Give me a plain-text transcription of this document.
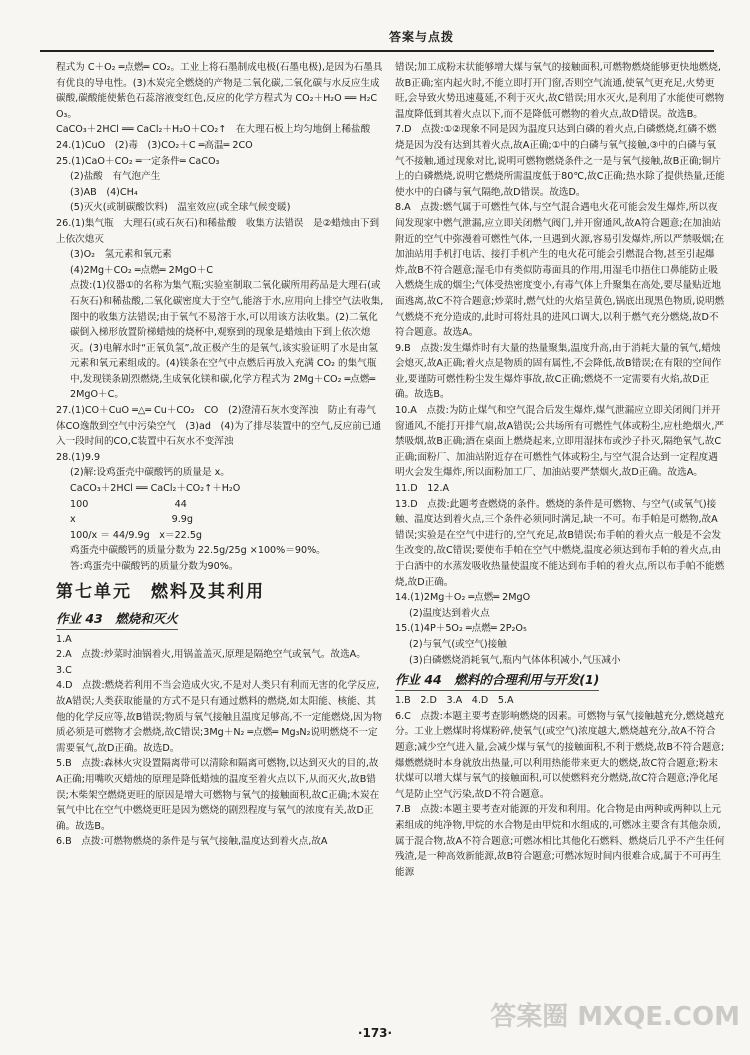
答案与点拨

程式为 C＋O₂ ═点燃═ CO₂。工业上将石墨制成电极(石墨电极),是因为石墨具有优良的导电性。(3)木炭完全燃烧的产物是二氧化碳,二氧化碳与水反应生成碳酸,碳酸能使紫色石蕊溶液变红色,反应的化学方程式为 CO₂＋H₂O ══ H₂CO₃。

CaCO₃＋2HCl ══ CaCl₂＋H₂O＋CO₂↑　在大理石板上均匀地倒上稀盐酸

24.(1)CuO　(2)毒　(3)CO₂＋C ═高温═ 2CO

25.(1)CaO＋CO₂ ═一定条件═ CaCO₃

(2)盐酸　有气泡产生

(3)AB　(4)CH₄

(5)灭火(或制碳酸饮料)　温室效应(或全球气候变暖)

26.(1)集气瓶　大理石(或石灰石)和稀盐酸　收集方法错误　是②蜡烛由下到上依次熄灭

(3)O₂　氢元素和氧元素

(4)2Mg＋CO₂ ═点燃═ 2MgO＋C

点拨:(1)仪器①的名称为集气瓶;实验室制取二氧化碳所用药品是大理石(或石灰石)和稀盐酸,二氧化碳密度大于空气,能溶于水,应用向上排空气法收集,图中的收集方法错误;由于氧气不易溶于水,可以用该方法收集。(2)二氧化碳倒入梯形放置阶梯蜡烛的烧杯中,观察到的现象是蜡烛由下到上依次熄灭。(3)电解水时“正氧负氢”,故正极产生的是氧气,该实验证明了水是由氢元素和氧元素组成的。(4)镁条在空气中点燃后再放入充满 CO₂ 的集气瓶中,发现镁条剧烈燃烧,生成氧化镁和碳,化学方程式为 2Mg＋CO₂ ═点燃═ 2MgO＋C。

27.(1)CO＋CuO ═△═ Cu＋CO₂　CO　(2)澄清石灰水变浑浊　防止有毒气体CO逸散到空气中污染空气　(3)ad　(4)为了排尽装置中的空气,反应前已通入一段时间的CO,C装置中石灰水不变浑浊

28.(1)9.9

(2)解:设鸡蛋壳中碳酸钙的质量是 x。

CaCO₃＋2HCl ══ CaCl₂＋CO₂↑＋H₂O

100　　　　　　　　　44

x　　　　　　　　　　9.9g

100/x ＝ 44/9.9g　x＝22.5g

鸡蛋壳中碳酸钙的质量分数为 22.5g/25g ×100%＝90%。

答:鸡蛋壳中碳酸钙的质量分数为90%。

第七单元　燃料及其利用
作业 43　燃烧和灭火

1.A

2.A　点拨:炒菜时油锅着火,用锅盖盖灭,原理是隔绝空气或氧气。故选A。

3.C

4.D　点拨:燃烧若利用不当会造成火灾,不是对人类只有利而无害的化学反应,故A错误;人类获取能量的方式不是只有通过燃料的燃烧,如太阳能、核能、其他的化学反应等,故B错误;物质与氧气接触且温度足够高,不一定能燃烧,因为物质必须是可燃物才会燃烧,故C错误;3Mg＋N₂ ═点燃═ Mg₃N₂说明燃烧不一定需要氧气,故D正确。故选D。

5.B　点拨:森林火灾设置隔离带可以清除和隔离可燃物,以达到灭火的目的,故A正确;用嘴吹灭蜡烛的原理是降低蜡烛的温度至着火点以下,从而灭火,故B错误;木柴架空燃烧更旺的原因是增大可燃物与氧气的接触面积,故C正确;木炭在氧气中比在空气中燃烧更旺是因为燃烧的剧烈程度与氧气的浓度有关,故D正确。故选B。

6.B　点拨:可燃物燃烧的条件是与氧气接触,温度达到着火点,故A

错误;加工成粉末状能够增大煤与氧气的接触面积,可燃物燃烧能够更快地燃烧,故B正确;室内起火时,不能立即打开门窗,否则空气流通,使氧气更充足,火势更旺,会导致火势迅速蔓延,不利于灭火,故C错误;用水灭火,是利用了水能使可燃物温度降低到其着火点以下,而不是降低可燃物的着火点,故D错误。故选B。

7.D　点拨:①②现象不同是因为温度只达到白磷的着火点,白磷燃烧,红磷不燃烧是因为没有达到其着火点,故A正确;①中的白磷与氧气接触,③中的白磷与氧气不接触,通过现象对比,说明可燃物燃烧条件之一是与氧气接触,故B正确;铜片上的白磷燃烧,说明它燃烧所需温度低于80℃,故C正确;热水除了提供热量,还能使水中的白磷与氧气隔绝,故D错误。故选D。

8.A　点拨:燃气属于可燃性气体,与空气混合遇电火花可能会发生爆炸,所以夜间发现家中燃气泄漏,应立即关闭燃气阀门,并开窗通风,故A符合题意;在加油站附近的空气中弥漫着可燃性气体,一旦遇到火源,容易引发爆炸,所以严禁吸烟;在加油站用手机打电话、接打手机产生的电火花可能会引燃混合物,甚至引起爆炸,故B不符合题意;湿毛巾有类似防毒面具的作用,用湿毛巾捂住口鼻能防止吸入燃烧生成的烟尘;气体受热密度变小,有毒气体上升聚集在高处,要尽量贴近地面逃离,故C不符合题意;炒菜时,燃气灶的火焰呈黄色,锅底出现黑色物质,说明燃气燃烧不充分造成的,此时可将灶具的进风口调大,以利于燃气充分燃烧,故D不符合题意。故选A。

9.B　点拨:发生爆炸时有大量的热量聚集,温度升高,由于消耗大量的氧气,蜡烛会熄灭,故A正确;着火点是物质的固有属性,不会降低,故B错误;在有限的空间作业,要谨防可燃性粉尘发生爆炸事故,故C正确;燃烧不一定需要有火焰,故D正确。故选B。

10.A　点拨:为防止煤气和空气混合后发生爆炸,煤气泄漏应立即关闭阀门并开窗通风,不能打开排气扇,故A错误;公共场所有可燃性气体或粉尘,应杜绝烟火,严禁吸烟,故B正确;酒在桌面上燃烧起来,立即用湿抹布或沙子扑灭,隔绝氧气,故C正确;面粉厂、加油站附近存在可燃性气体或粉尘,与空气混合达到一定程度遇明火会发生爆炸,所以面粉加工厂、加油站要严禁烟火,故D正确。故选A。

11.D　12.A

13.D　点拨:此题考查燃烧的条件。燃烧的条件是可燃物、与空气(或氧气)接触、温度达到着火点,三个条件必须同时满足,缺一不可。布手帕是可燃物,故A错误;实验是在空气中进行的,空气充足,故B错误;布手帕的着火点一般是不会发生改变的,故C错误;要使布手帕在空气中燃烧,温度必须达到布手帕的着火点,由于白酒中的水蒸发吸收热量使温度不能达到布手帕的着火点,所以布手帕不能燃烧,故D正确。

14.(1)2Mg＋O₂ ═点燃═ 2MgO

(2)温度达到着火点

15.(1)4P＋5O₂ ═点燃═ 2P₂O₅

(2)与氧气(或空气)接触

(3)白磷燃烧消耗氧气,瓶内气体体积减小,气压减小

作业 44　燃料的合理利用与开发(1)

1.B　2.D　3.A　4.D　5.A

6.C　点拨:本题主要考查影响燃烧的因素。可燃物与氧气接触越充分,燃烧越充分。工业上燃煤时将煤粉碎,使氧气(或空气)浓度越大,燃烧越充分,故A不符合题意;减少空气进入量,会减少煤与氧气的接触面积,不利于燃烧,故B不符合题意;爆燃燃烧时本身就放出热量,可以利用热能带来更大的燃烧,故C符合题意;粉末状煤可以增大煤与氧气的接触面积,可以使燃料充分燃烧,故C符合题意;净化尾气是防止空气污染,故D不符合题意。

7.B　点拨:本题主要考查对能源的开发和利用。化合物是由两种或两种以上元素组成的纯净物,甲烷的水合物是由甲烷和水组成的,可燃冰主要含有其他杂质,属于混合物,故A不符合题意;可燃冰相比其他化石燃料、燃烧后几乎不产生任何残渣,是一种高效新能源,故B符合题意;可燃冰短时间内很难合成,属于不可再生能源

·173·
答案圈 MXQE.COM
